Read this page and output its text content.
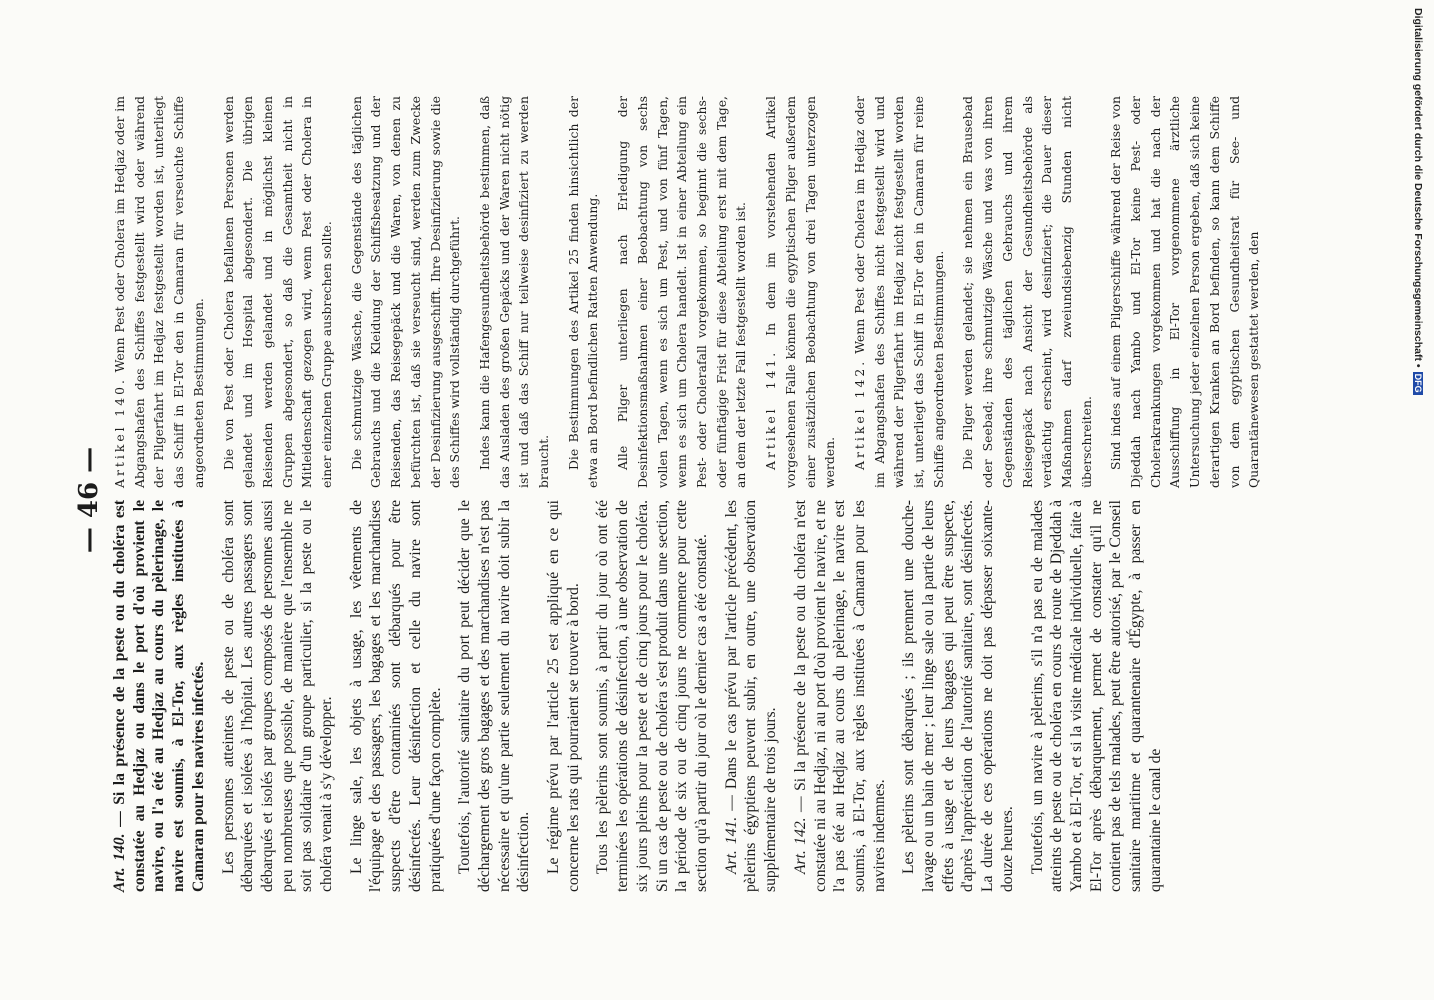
— 46 —

Art. 140. — Si la présence de la peste ou du choléra est constatée au Hedjaz ou dans le port d'où provient le navire, ou l'a été au Hedjaz au cours du pèlerinage, le navire est soumis, à El-Tor, aux règles instituées à Camaran pour les navires infectés. Les personnes atteintes de peste ou de choléra sont débarquées et isolées à l'hôpital. Les autres passagers sont débarqués et isolés par groupes composés de personnes aussi peu nombreuses que possible, de manière que l'ensemble ne soit pas solidaire d'un groupe particulier, si la peste ou le choléra venait à s'y développer. Le linge sale, les objets à usage, les vêtements de l'équipage et des passagers, les bagages et les marchandises suspects d'être contaminés sont débarqués pour être désinfectés. Leur désinfection et celle du navire sont pratiquées d'une façon complète. Toutefois, l'autorité sanitaire du port peut décider que le déchargement des gros bagages et des marchandises n'est pas nécessaire et qu'une partie seulement du navire doit subir la désinfection. Le régime prévu par l'article 25 est appliqué en ce qui concerne les rats qui pourraient se trouver à bord. Tous les pèlerins sont soumis, à partir du jour où ont été terminées les opérations de désinfection, à une observation de six jours pleins pour la peste et de cinq jours pour le choléra. Si un cas de peste ou de choléra s'est produit dans une section, la période de six ou de cinq jours ne commence pour cette section qu'à partir du jour où le dernier cas a été constaté. Art. 141. — Dans le cas prévu par l'article précédent, les pèlerins égyptiens peuvent subir, en outre, une observation supplémentaire de trois jours. Art. 142. — Si la présence de la peste ou du choléra n'est constatée ni au Hedjaz, ni au port d'où provient le navire, et ne l'a pas été au Hedjaz au cours du pèlerinage, le navire est soumis, à El-Tor, aux règles instituées à Camaran pour les navires indemnes. Les pèlerins sont débarqués ; ils prennent une douche-lavage ou un bain de mer ; leur linge sale ou la partie de leurs effets à usage et de leurs bagages qui peut être suspecte, d'après l'appréciation de l'autorité sanitaire, sont désinfectés. La durée de ces opérations ne doit pas dépasser soixante-douze heures. Toutefois, un navire à pèlerins, s'il n'a pas eu de malades atteints de peste ou de choléra en cours de route de Djeddah à Yambo et à El-Tor, et si la visite médicale individuelle, faite à El-Tor après débarquement, permet de constater qu'il ne contient pas de tels malades, peut être autorisé, par le Conseil sanitaire maritime et quarantenaire d'Égypte, à passer en quarantaine le canal de

Artikel 140. Wenn Pest oder Cholera im Hedjaz oder im Abgangshafen des Schiffes festgestellt wird oder während der Pilgerfahrt im Hedjaz festgestellt worden ist, unterliegt das Schiff in El-Tor den in Camaran für verseuchte Schiffe angeordneten Bestimmungen. Die von Pest oder Cholera befallenen Personen werden gelandet und im Hospital abgesondert. Die übrigen Reisenden werden gelandet und in möglichst kleinen Gruppen abgesondert, so daß die Gesamtheit nicht in Mitleidenschaft gezogen wird, wenn Pest oder Cholera in einer einzelnen Gruppe ausbrechen sollte. Die schmutzige Wäsche, die Gegenstände des täglichen Gebrauchs und die Kleidung der Schiffsbesatzung und der Reisenden, das Reisegepäck und die Waren, von denen zu befürchten ist, daß sie verseucht sind, werden zum Zwecke der Desinfizierung ausgeschifft. Ihre Desinfizierung sowie die des Schiffes wird vollständig durchgeführt. Indes kann die Hafengesundheitsbehörde bestimmen, daß das Ausladen des großen Gepäcks und der Waren nicht nötig ist und daß das Schiff nur teilweise desinfiziert zu werden braucht. Die Bestimmungen des Artikel 25 finden hinsichtlich der etwa an Bord befindlichen Ratten Anwendung. Alle Pilger unterliegen nach Erledigung der Desinfektionsmaßnahmen einer Beobachtung von sechs vollen Tagen, wenn es sich um Pest, und von fünf Tagen, wenn es sich um Cholera handelt. Ist in einer Abteilung ein Pest- oder Cholerafall vorgekommen, so beginnt die sechs- oder fünftägige Frist für diese Abteilung erst mit dem Tage, an dem der letzte Fall festgestellt worden ist. Artikel 141. In dem im vorstehenden Artikel vorgesehenen Falle können die egyptischen Pilger außerdem einer zusätzlichen Beobachtung von drei Tagen unterzogen werden. Artikel 142. Wenn Pest oder Cholera im Hedjaz oder im Abgangshafen des Schiffes nicht festgestellt wird und während der Pilgerfahrt im Hedjaz nicht festgestellt worden ist, unterliegt das Schiff in El-Tor den in Camaran für reine Schiffe angeordneten Bestimmungen. Die Pilger werden gelandet; sie nehmen ein Brausebad oder Seebad; ihre schmutzige Wäsche und was von ihren Gegenständen des täglichen Gebrauchs und ihrem Reisegepäck nach Ansicht der Gesundheitsbehörde als verdächtig erscheint, wird desinfiziert; die Dauer dieser Maßnahmen darf zweiundsiebenzig Stunden nicht überschreiten. Sind indes auf einem Pilgerschiffe während der Reise von Djeddah nach Yambo und El-Tor keine Pest- oder Cholerakrankungen vorgekommen und hat die nach der Ausschiffung in El-Tor vorgenommene ärztliche Untersuchung jeder einzelnen Person ergeben, daß sich keine derartigen Kranken an Bord befinden, so kann dem Schiffe von dem egyptischen Gesundheitsrat für See- und Quarantänewesen gestattet werden, den	Digitalisierung gefördert durch die Deutsche Forschungsgemeinschaft •DFG
